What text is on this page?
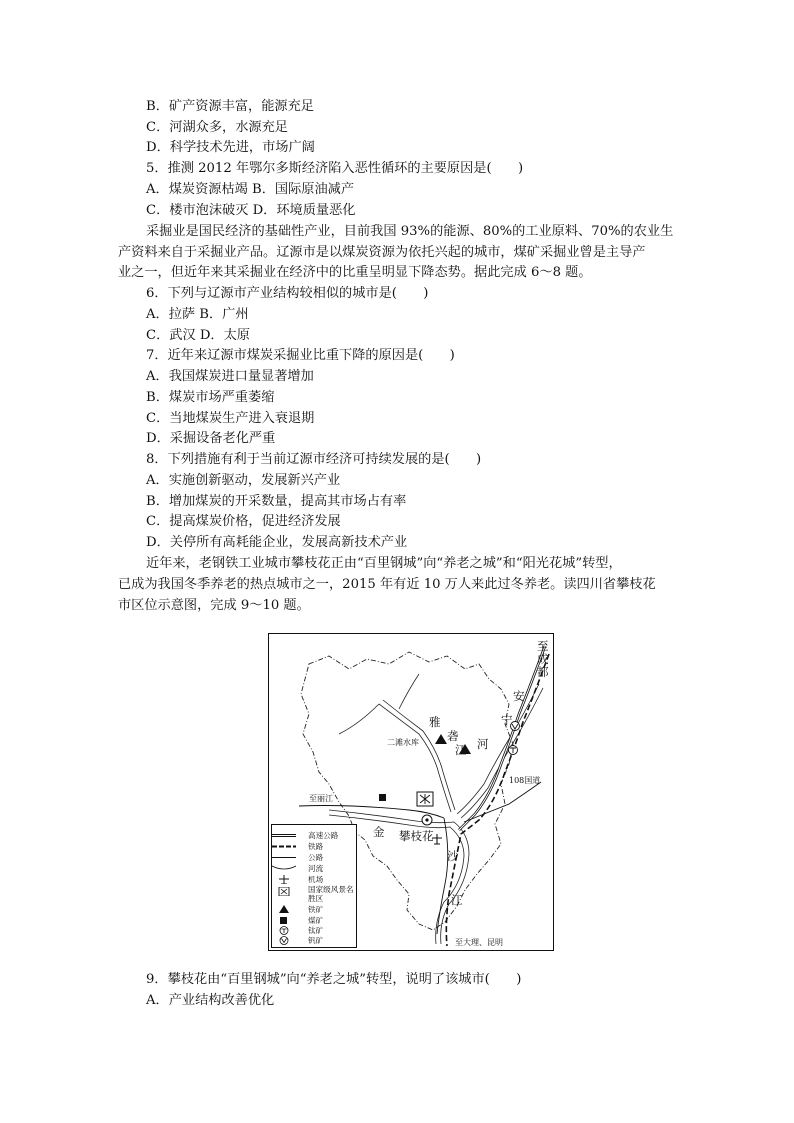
B．矿产资源丰富，能源充足
C．河湖众多，水源充足
D．科学技术先进，市场广阔
5．推测 2012 年鄂尔多斯经济陷入恶性循环的主要原因是(　　)
A．煤炭资源枯竭 B．国际原油减产
C．楼市泡沫破灭 D．环境质量恶化
采掘业是国民经济的基础性产业，目前我国 93%的能源、80%的工业原料、70%的农业生
产资料来自于采掘业产品。辽源市是以煤炭资源为依托兴起的城市，煤矿采掘业曾是主导产
业之一，但近年来其采掘业在经济中的比重呈明显下降态势。据此完成 6～8 题。
6．下列与辽源市产业结构较相似的城市是(　　)
A．拉萨 B．广州
C．武汉 D．太原
7．近年来辽源市煤炭采掘业比重下降的原因是(　　)
A．我国煤炭进口量显著增加
B．煤炭市场严重萎缩
C．当地煤炭生产进入衰退期
D．采掘设备老化严重
8．下列措施有利于当前辽源市经济可持续发展的是(　　)
A．实施创新驱动，发展新兴产业
B．增加煤炭的开采数量，提高其市场占有率
C．提高煤炭价格，促进经济发展
D．关停所有高耗能企业，发展高新技术产业
近年来，老钢铁工业城市攀枝花正由“百里钢城”向“养老之城”和“阳光花城”转型，
已成为我国冬季养老的热点城市之一，2015 年有近 10 万人来此过冬养老。读四川省攀枝花
市区位示意图，完成 9～10 题。
至
成
都
安
宁
河
雅
砻
江
二滩水库
108国道
至丽江
金 攀枝花
沙
江
至大理、昆明
高速公路
铁路
公路
河流
机场
国家级风景名胜区
铁矿
煤矿
钛矿
钒矿
9．攀枝花由“百里钢城”向“养老之城”转型，说明了该城市(　　)
A．产业结构改善优化
